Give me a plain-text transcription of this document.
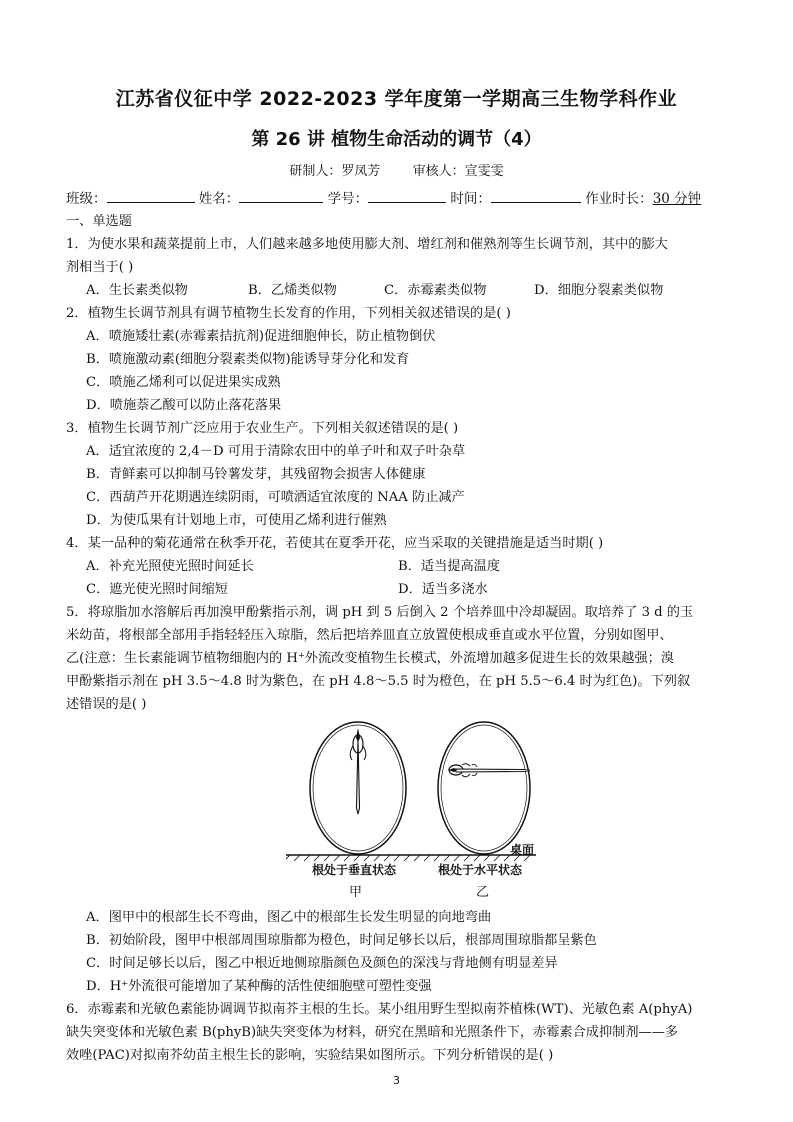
江苏省仪征中学 2022-2023 学年度第一学期高三生物学科作业
第 26 讲 植物生命活动的调节（4）
研制人：罗凤芳 审核人：宣雯雯
班级：	姓名：	学号：	时间：	作业时长：30 分钟
一、单选题
1．为使水果和蔬菜提前上市，人们越来越多地使用膨大剂、增红剂和催熟剂等生长调节剂，其中的膨大
剂相当于( )
A．生长素类似物	B．乙烯类似物	C．赤霉素类似物	D．细胞分裂素类似物
2．植物生长调节剂具有调节植物生长发育的作用，下列相关叙述错误的是( )
A．喷施矮壮素(赤霉素拮抗剂)促进细胞伸长，防止植物倒伏
B．喷施激动素(细胞分裂素类似物)能诱导芽分化和发育
C．喷施乙烯利可以促进果实成熟
D．喷施萘乙酸可以防止落花落果
3．植物生长调节剂广泛应用于农业生产。下列相关叙述错误的是( )
A．适宜浓度的 2,4－D 可用于清除农田中的单子叶和双子叶杂草
B．青鲜素可以抑制马铃薯发芽，其残留物会损害人体健康
C．西葫芦开花期遇连续阴雨，可喷洒适宜浓度的 NAA 防止减产
D．为使瓜果有计划地上市，可使用乙烯利进行催熟
4．某一品种的菊花通常在秋季开花，若使其在夏季开花，应当采取的关键措施是适当时期( )
A．补充光照使光照时间延长	B．适当提高温度
C．遮光使光照时间缩短	D．适当多浇水
5．将琼脂加水溶解后再加溴甲酚紫指示剂，调 pH 到 5 后倒入 2 个培养皿中冷却凝固。取培养了 3 d 的玉
米幼苗，将根部全部用手指轻轻压入琼脂，然后把培养皿直立放置使根成垂直或水平位置，分别如图甲、
乙(注意：生长素能调节植物细胞内的 H⁺外流改变植物生长模式，外流增加越多促进生长的效果越强；溴
甲酚紫指示剂在 pH 3.5～4.8 时为紫色，在 pH 4.8～5.5 时为橙色，在 pH 5.5～6.4 时为红色)。下列叙
述错误的是( )
桌面
根处于垂直状态	根处于水平状态
甲	乙
A．图甲中的根部生长不弯曲，图乙中的根部生长发生明显的向地弯曲
B．初始阶段，图甲中根部周围琼脂都为橙色，时间足够长以后，根部周围琼脂都呈紫色
C．时间足够长以后，图乙中根近地侧琼脂颜色及颜色的深浅与背地侧有明显差异
D．H⁺外流很可能增加了某种酶的活性使细胞壁可塑性变强
6．赤霉素和光敏色素能协调调节拟南芥主根的生长。某小组用野生型拟南芥植株(WT)、光敏色素 A(phyA)
缺失突变体和光敏色素 B(phyB)缺失突变体为材料，研究在黑暗和光照条件下，赤霉素合成抑制剂——多
效唑(PAC)对拟南芥幼苗主根生长的影响，实验结果如图所示。下列分析错误的是( )
3
